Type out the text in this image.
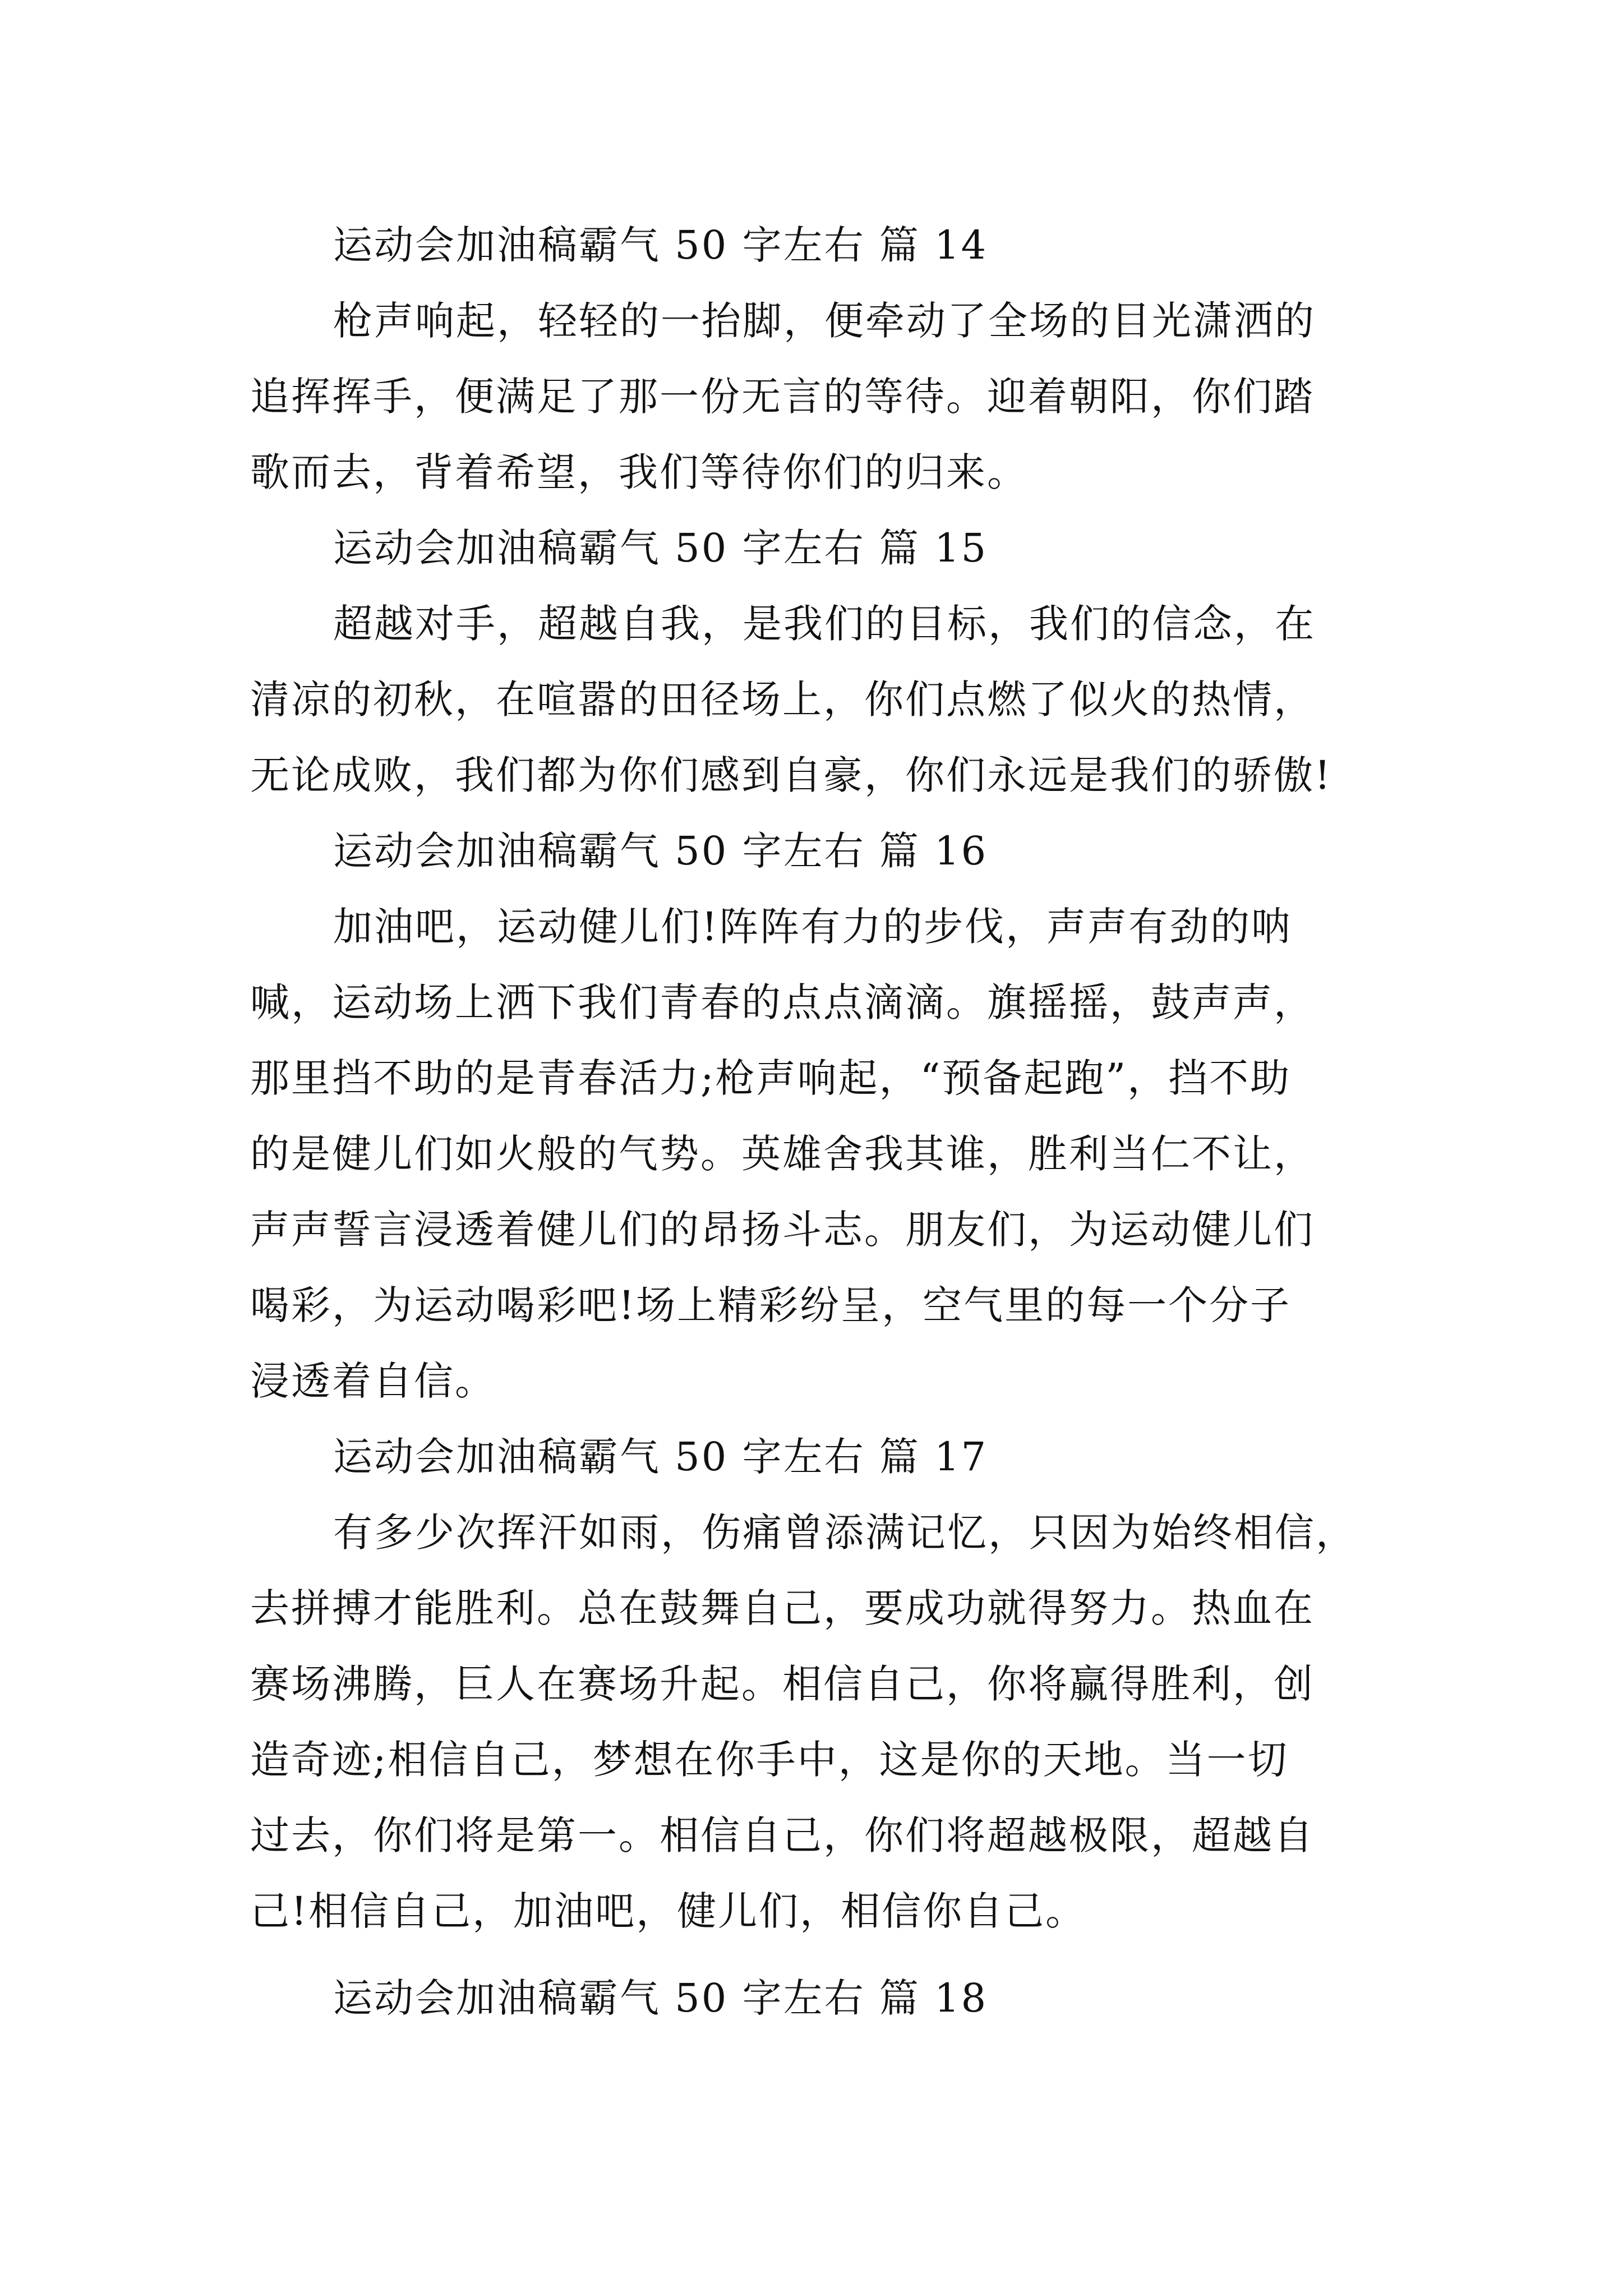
运动会加油稿霸气 50 字左右 篇 14

枪声响起，轻轻的一抬脚，便牵动了全场的目光潇洒的

追挥挥手，便满足了那一份无言的等待。迎着朝阳，你们踏

歌而去，背着希望，我们等待你们的归来。

运动会加油稿霸气 50 字左右 篇 15

超越对手，超越自我，是我们的目标，我们的信念，在

清凉的初秋，在喧嚣的田径场上，你们点燃了似火的热情，

无论成败，我们都为你们感到自豪，你们永远是我们的骄傲!

运动会加油稿霸气 50 字左右 篇 16

加油吧，运动健儿们!阵阵有力的步伐，声声有劲的呐

喊，运动场上洒下我们青春的点点滴滴。旗摇摇，鼓声声，

那里挡不助的是青春活力;枪声响起，“预备起跑”，挡不助

的是健儿们如火般的气势。英雄舍我其谁，胜利当仁不让，

声声誓言浸透着健儿们的昂扬斗志。朋友们，为运动健儿们

喝彩，为运动喝彩吧!场上精彩纷呈，空气里的每一个分子

浸透着自信。

运动会加油稿霸气 50 字左右 篇 17

有多少次挥汗如雨，伤痛曾添满记忆，只因为始终相信，

去拼搏才能胜利。总在鼓舞自己，要成功就得努力。热血在

赛场沸腾，巨人在赛场升起。相信自己，你将赢得胜利，创

造奇迹;相信自己，梦想在你手中，这是你的天地。当一切

过去，你们将是第一。相信自己，你们将超越极限，超越自

己!相信自己，加油吧，健儿们，相信你自己。

运动会加油稿霸气 50 字左右 篇 18
